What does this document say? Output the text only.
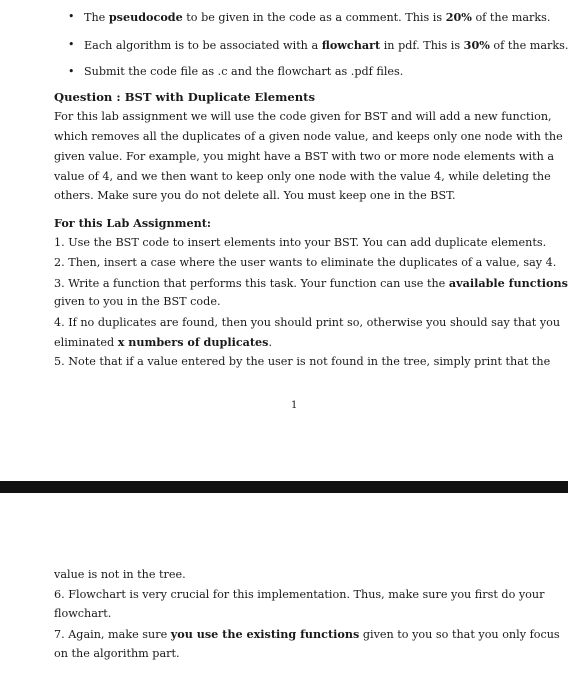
• The pseudocode to be given in the code as a comment. This is 20% of the marks.
• Each algorithm is to be associated with a flowchart in pdf. This is 30% of the marks.
• Submit the code file as .c and the flowchart as .pdf files.
Question : BST with Duplicate Elements
For this lab assignment we will use the code given for BST and will add a new function,
which removes all the duplicates of a given node value, and keeps only one node with the
given value. For example, you might have a BST with two or more node elements with a
value of 4, and we then want to keep only one node with the value 4, while deleting the
others. Make sure you do not delete all. You must keep one in the BST.
For this Lab Assignment:
1. Use the BST code to insert elements into your BST. You can add duplicate elements.
2. Then, insert a case where the user wants to eliminate the duplicates of a value, say 4.
3. Write a function that performs this task. Your function can use the available functions
given to you in the BST code.
4. If no duplicates are found, then you should print so, otherwise you should say that you
eliminated x numbers of duplicates.
5. Note that if a value entered by the user is not found in the tree, simply print that the
1
value is not in the tree.
6. Flowchart is very crucial for this implementation. Thus, make sure you first do your
flowchart.
7. Again, make sure you use the existing functions given to you so that you only focus
on the algorithm part.
